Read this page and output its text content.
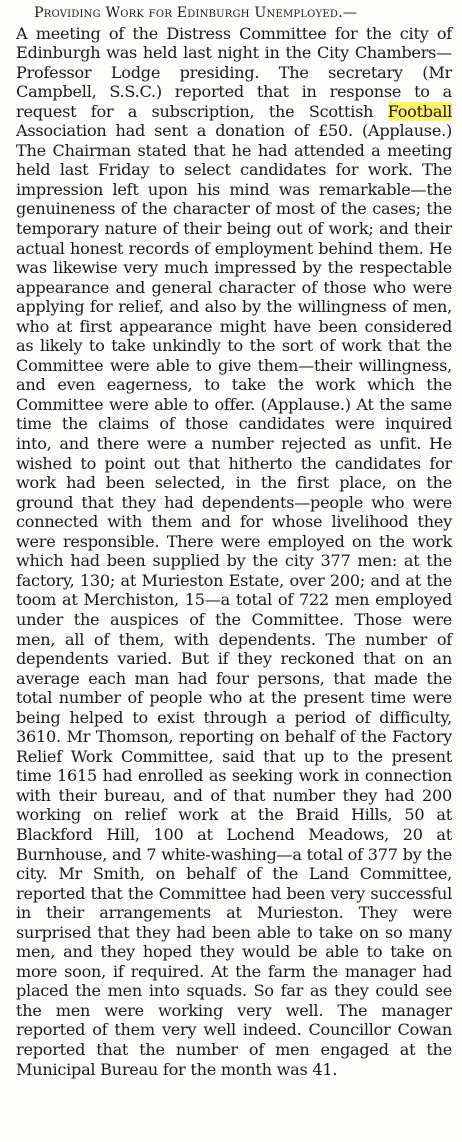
Providing Work for Edinburgh Unemployed.—

A meeting of the Distress Committee for the city of Edinburgh was held last night in the City Chambers—Professor Lodge presiding. The secretary (Mr Campbell, S.S.C.) reported that in response to a request for a subscription, the Scottish Football Association had sent a donation of £50. (Applause.) The Chairman stated that he had attended a meeting held last Friday to select candidates for work. The impression left upon his mind was remarkable—the genuineness of the character of most of the cases; the temporary nature of their being out of work; and their actual honest records of employment behind them. He was likewise very much impressed by the respectable appearance and general character of those who were applying for relief, and also by the willingness of men, who at first appearance might have been considered as likely to take unkindly to the sort of work that the Committee were able to give them—their willingness, and even eagerness, to take the work which the Committee were able to offer. (Applause.) At the same time the claims of those candidates were inquired into, and there were a number rejected as unfit. He wished to point out that hitherto the candidates for work had been selected, in the first place, on the ground that they had dependents—people who were connected with them and for whose livelihood they were responsible. There were employed on the work which had been supplied by the city 377 men: at the factory, 130; at Murieston Estate, over 200; and at the toom at Merchiston, 15—a total of 722 men employed under the auspices of the Committee. Those were men, all of them, with dependents. The number of dependents varied. But if they reckoned that on an average each man had four persons, that made the total number of people who at the present time were being helped to exist through a period of difficulty, 3610. Mr Thomson, reporting on behalf of the Factory Relief Work Committee, said that up to the present time 1615 had enrolled as seeking work in connection with their bureau, and of that number they had 200 working on relief work at the Braid Hills, 50 at Blackford Hill, 100 at Lochend Meadows, 20 at Burnhouse, and 7 white-washing—a total of 377 by the city. Mr Smith, on behalf of the Land Committee, reported that the Committee had been very successful in their arrangements at Murieston. They were surprised that they had been able to take on so many men, and they hoped they would be able to take on more soon, if required. At the farm the manager had placed the men into squads. So far as they could see the men were working very well. The manager reported of them very well indeed. Councillor Cowan reported that the number of men engaged at the Municipal Bureau for the month was 41.
